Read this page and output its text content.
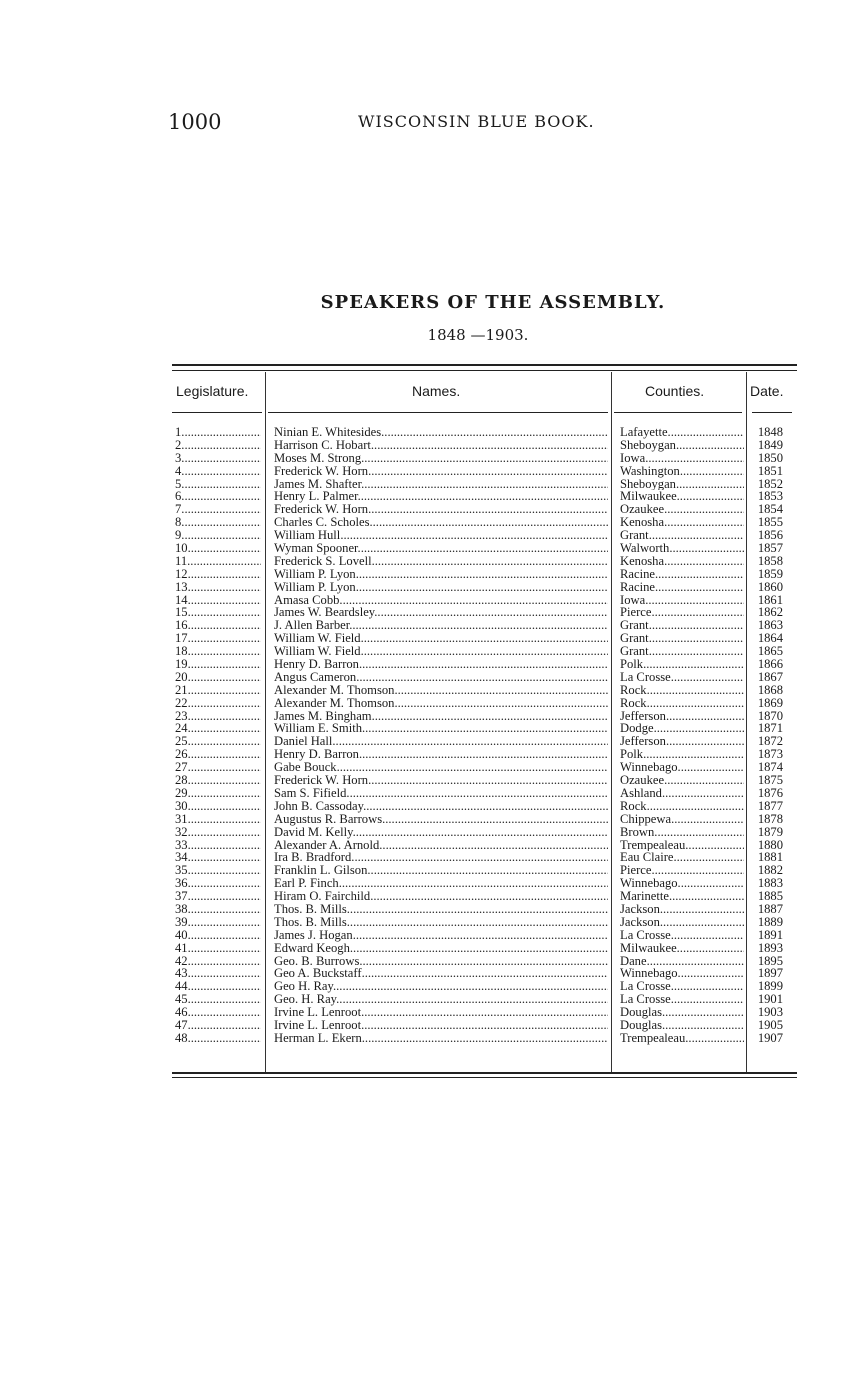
1000	WISCONSIN BLUE BOOK.
SPEAKERS OF THE ASSEMBLY.
1848 —1903.
Legislature.	Names.	Counties.	Date.
1 .....	Ninian E. Whitesides .....	Lafayette .....	1848
2 .....	Harrison C. Hobart .....	Sheboygan .....	1849
3 .....	Moses M. Strong .....	Iowa .....	1850
4 .....	Frederick W. Horn .....	Washington .....	1851
5 .....	James M. Shafter .....	Sheboygan .....	1852
6 .....	Henry L. Palmer .....	Milwaukee .....	1853
7 .....	Frederick W. Horn .....	Ozaukee .....	1854
8 .....	Charles C. Scholes .....	Kenosha .....	1855
9 .....	William Hull .....	Grant .....	1856
10 .....	Wyman Spooner .....	Walworth .....	1857
11 .....	Frederick S. Lovell .....	Kenosha .....	1858
12 .....	William P. Lyon .....	Racine .....	1859
13 .....	William P. Lyon .....	Racine .....	1860
14 .....	Amasa Cobb .....	Iowa .....	1861
15 .....	James W. Beardsley .....	Pierce .....	1862
16 .....	J. Allen Barber .....	Grant .....	1863
17 .....	William W. Field .....	Grant .....	1864
18 .....	William W. Field .....	Grant .....	1865
19 .....	Henry D. Barron .....	Polk .....	1866
20 .....	Angus Cameron .....	La Crosse .....	1867
21 .....	Alexander M. Thomson .....	Rock .....	1868
22 .....	Alexander M. Thomson .....	Rock .....	1869
23 .....	James M. Bingham .....	Jefferson .....	1870
24 .....	William E. Smith .....	Dodge .....	1871
25 .....	Daniel Hall .....	Jefferson .....	1872
26 .....	Henry D. Barron .....	Polk .....	1873
27 .....	Gabe Bouck .....	Winnebago .....	1874
28 .....	Frederick W. Horn .....	Ozaukee .....	1875
29 .....	Sam S. Fifield .....	Ashland .....	1876
30 .....	John B. Cassoday .....	Rock .....	1877
31 .....	Augustus R. Barrows .....	Chippewa .....	1878
32 .....	David M. Kelly .....	Brown .....	1879
33 .....	Alexander A. Arnold .....	Trempealeau .....	1880
34 .....	Ira B. Bradford .....	Eau Claire .....	1881
35 .....	Franklin L. Gilson .....	Pierce .....	1882
36 .....	Earl P. Finch .....	Winnebago .....	1883
37 .....	Hiram O. Fairchild .....	Marinette .....	1885
38 .....	Thos. B. Mills .....	Jackson .....	1887
39 .....	Thos. B. Mills .....	Jackson .....	1889
40 .....	James J. Hogan .....	La Crosse .....	1891
41 .....	Edward Keogh .....	Milwaukee .....	1893
42 .....	Geo. B. Burrows .....	Dane .....	1895
43 .....	Geo A. Buckstaff .....	Winnebago .....	1897
44 .....	Geo H. Ray .....	La Crosse .....	1899
45 .....	Geo. H. Ray .....	La Crosse .....	1901
46 .....	Irvine L. Lenroot .....	Douglas .....	1903
47 .....	Irvine L. Lenroot .....	Douglas .....	1905
48 .....	Herman L. Ekern .....	Trempealeau .....	1907
